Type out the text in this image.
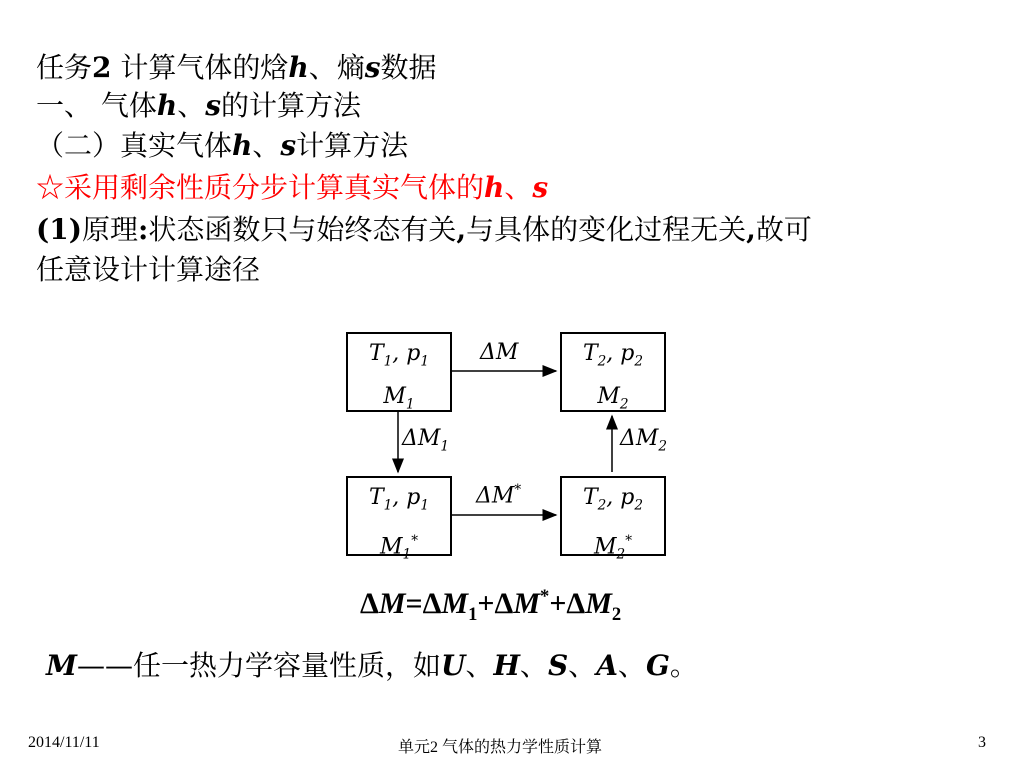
任务2 计算气体的焓h、熵s数据

一、 气体h、s的计算方法

（二）真实气体h、s计算方法

☆采用剩余性质分步计算真实气体的h、s

(1)原理:状态函数只与始终态有关,与具体的变化过程无关,故可

任意设计计算途径

$T_1$, $p_1$
$M_1$
$T_2$, $p_2$
$M_2$
$T_1$, $p_1$
$M_1^*$
$T_2$, $p_2$
$M_2^*$
ΔM
$\Delta M_1$	$\Delta M_2$
ΔM*
$\Delta M=\Delta M_1+\Delta M^*+\Delta M_2$
M——任一热力学容量性质，如U、H、S、A、G。
2014/11/11	单元2 气体的热力学性质计算	3
